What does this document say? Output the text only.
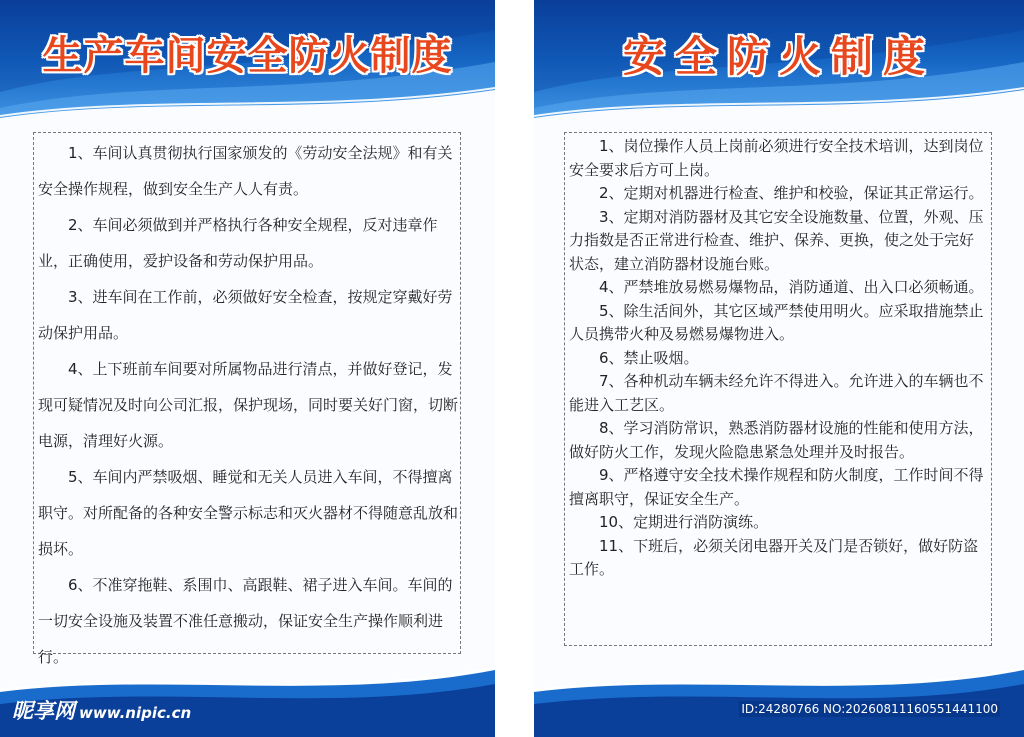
生产车间安全防火制度

1、车间认真贯彻执行国家颁发的《劳动安全法规》和有关安全操作规程，做到安全生产人人有责。

2、车间必须做到并严格执行各种安全规程，反对违章作业，正确使用，爱护设备和劳动保护用品。

3、进车间在工作前，必须做好安全检查，按规定穿戴好劳动保护用品。

4、上下班前车间要对所属物品进行清点，并做好登记，发现可疑情况及时向公司汇报，保护现场，同时要关好门窗，切断电源，清理好火源。

5、车间内严禁吸烟、睡觉和无关人员进入车间，不得擅离职守。对所配备的各种安全警示标志和灭火器材不得随意乱放和损坏。

6、不准穿拖鞋、系围巾、高跟鞋、裙子进入车间。车间的一切安全设施及装置不准任意搬动，保证安全生产操作顺利进行。

昵享网 www.nipic.cn
安全防火制度

1、岗位操作人员上岗前必须进行安全技术培训，达到岗位安全要求后方可上岗。

2、定期对机器进行检查、维护和校验，保证其正常运行。

3、定期对消防器材及其它安全设施数量、位置，外观、压力指数是否正常进行检查、维护、保养、更换，使之处于完好状态，建立消防器材设施台账。

4、严禁堆放易燃易爆物品，消防通道、出入口必须畅通。

5、除生活间外，其它区域严禁使用明火。应采取措施禁止人员携带火种及易燃易爆物进入。

6、禁止吸烟。

7、各种机动车辆未经允许不得进入。允许进入的车辆也不能进入工艺区。

8、学习消防常识，熟悉消防器材设施的性能和使用方法，做好防火工作，发现火险隐患紧急处理并及时报告。

9、严格遵守安全技术操作规程和防火制度，工作时间不得擅离职守，保证安全生产。

10、定期进行消防演练。

11、下班后，必须关闭电器开关及门是否锁好，做好防盗工作。

ID:24280766 NO:20260811160551441100
